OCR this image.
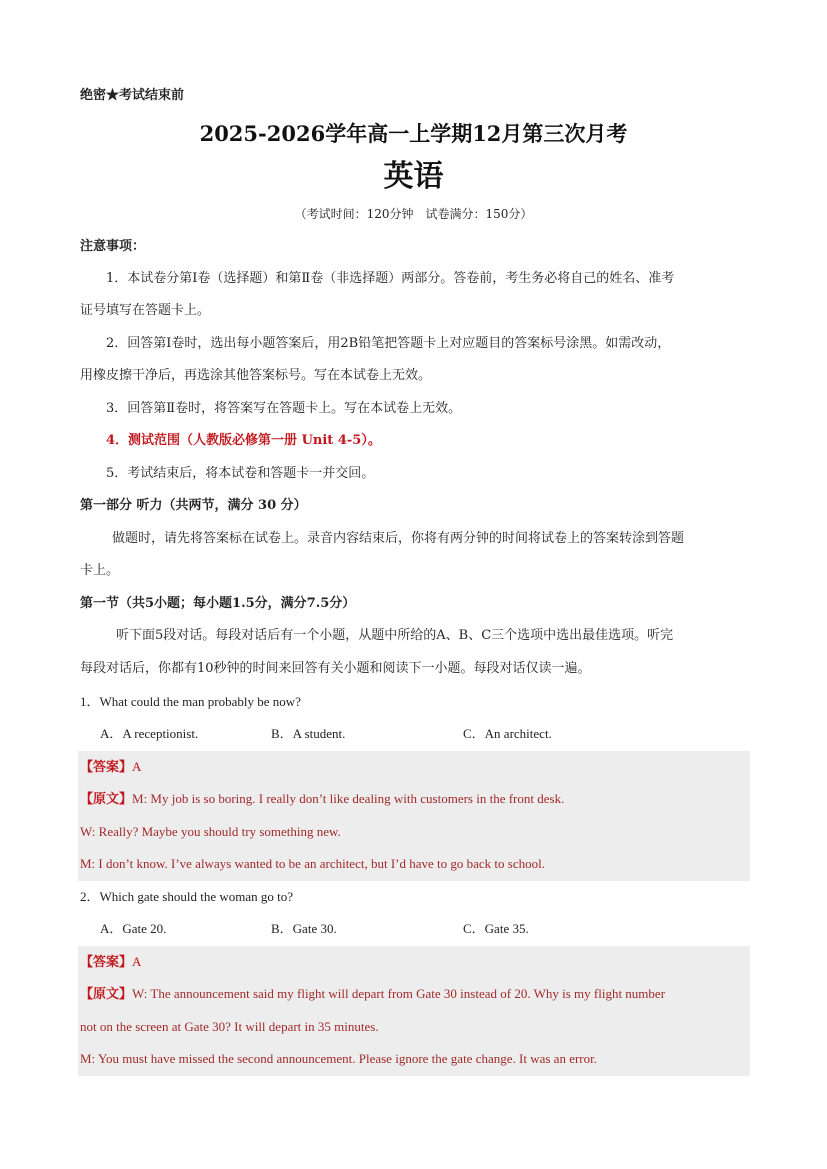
绝密★考试结束前
2025-2026学年高一上学期12月第三次月考
英语
（考试时间：120分钟　试卷满分：150分）
注意事项：
1．本试卷分第Ⅰ卷（选择题）和第Ⅱ卷（非选择题）两部分。答卷前，考生务必将自己的姓名、准考
证号填写在答题卡上。
2．回答第Ⅰ卷时，选出每小题答案后，用2B铅笔把答题卡上对应题目的答案标号涂黑。如需改动，
用橡皮擦干净后，再选涂其他答案标号。写在本试卷上无效。
3．回答第Ⅱ卷时，将答案写在答题卡上。写在本试卷上无效。
4．测试范围（人教版必修第一册 Unit 4-5）。
5．考试结束后，将本试卷和答题卡一并交回。
第一部分 听力（共两节，满分 30 分）
做题时，请先将答案标在试卷上。录音内容结束后，你将有两分钟的时间将试卷上的答案转涂到答题
卡上。
第一节（共5小题；每小题1.5分，满分7.5分）
听下面5段对话。每段对话后有一个小题，从题中所给的A、B、C三个选项中选出最佳选项。听完
每段对话后，你都有10秒钟的时间来回答有关小题和阅读下一小题。每段对话仅读一遍。
1．What could the man probably be now?
A．A receptionist.	B．A student.	C．An architect.
【答案】A
【原文】M: My job is so boring. I really don’t like dealing with customers in the front desk.
W: Really? Maybe you should try something new.
M: I don’t know. I’ve always wanted to be an architect, but I’d have to go back to school.
2．Which gate should the woman go to?
A．Gate 20.	B．Gate 30.	C．Gate 35.
【答案】A
【原文】W: The announcement said my flight will depart from Gate 30 instead of 20. Why is my flight number
not on the screen at Gate 30? It will depart in 35 minutes.
M: You must have missed the second announcement. Please ignore the gate change. It was an error.
